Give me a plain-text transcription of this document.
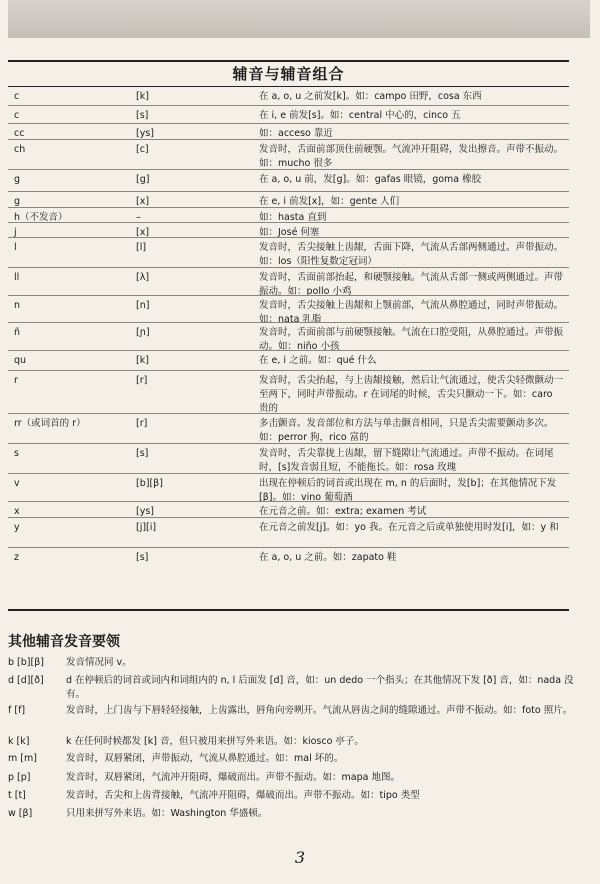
辅音与辅音组合
c	[k]	在 a, o, u 之前发[k]。如：campo 田野，cosa 东西
c	[s]	在 i, e 前发[s]。如：central 中心的，cinco 五
cc	[ys]	如：acceso 靠近
ch	[c]	发音时，舌面前部顶住前硬颚。气流冲开阻碍，发出擦音。声带不振动。如：mucho 很多
g	[g]	在 a, o, u 前，发[g]。如：gafas 眼镜，goma 橡胶
g	[x]	在 e, i 前发[x]，如：gente 人们
h（不发音）	–	如：hasta 直到
j	[x]	如：José 何塞
l	[l]	发音时，舌尖接触上齿龈，舌面下降，气流从舌部两侧通过。声带振动。如：los（阳性复数定冠词）
ll	[λ]	发音时，舌面前部抬起，和硬颚接触。气流从舌部一侧或两侧通过。声带振动。如：pollo 小鸡
n	[n]	发音时，舌尖接触上齿龈和上颚前部，气流从鼻腔通过，同时声带振动。如：nata 乳脂
ñ	[ɲ]	发音时，舌面前部与前硬颚接触。气流在口腔受阻，从鼻腔通过。声带振动。如：niño 小孩
qu	[k]	在 e, i 之前。如：qué 什么
r	[r]	发音时，舌尖抬起，与上齿龈接触，然后让气流通过，使舌尖轻微颤动一至两下，同时声带振动。r 在词尾的时候，舌尖只颤动一下。如：caro 贵的
rr（或词首的 r）	[r]	多击颤音。发音部位和方法与单击颤音相同，只是舌尖需要颤动多次。如：perror 狗，rico 富的
s	[s]	发音时，舌尖靠拢上齿龈，留下缝隙让气流通过。声带不振动。在词尾时，[s]发音弱且短，不能拖长。如：rosa 玫瑰
v	[b][β]	出现在停顿后的词首或出现在 m, n 的后面时，发[b]；在其他情况下发[β]。如：vino 葡萄酒
x	[ys]	在元音之前。如：extra; examen 考试
y	[j][i]	在元音之前发[j]。如：yo 我。在元音之后或单独使用时发[i]，如：y 和
z	[s]	在 a, o, u 之前。如：zapato 鞋
其他辅音发音要领
b [b][β]	发音情况同 v。
d [d][ð]	d 在停顿后的词首或词内和词组内的 n, l 后面发 [d] 音，如：un dedo 一个指头；在其他情况下发 [ð] 音，如：nada 没有。
f [f]	发音时，上门齿与下唇轻轻接触，上齿露出，唇角向旁咧开。气流从唇齿之间的缝隙通过。声带不振动。如：foto 照片。
k [k]	k 在任何时候都发 [k] 音，但只被用来拼写外来语。如：kiosco 亭子。
m [m]	发音时，双唇紧闭，声带振动，气流从鼻腔通过。如：mal 坏的。
p [p]	发音时，双唇紧闭，气流冲开阻碍，爆破而出。声带不振动。如：mapa 地图。
t [t]	发音时，舌尖和上齿背接触，气流冲开阻碍，爆破而出。声带不振动。如：tipo 类型
w [β]	只用来拼写外来语。如：Washington 华盛顿。
3
